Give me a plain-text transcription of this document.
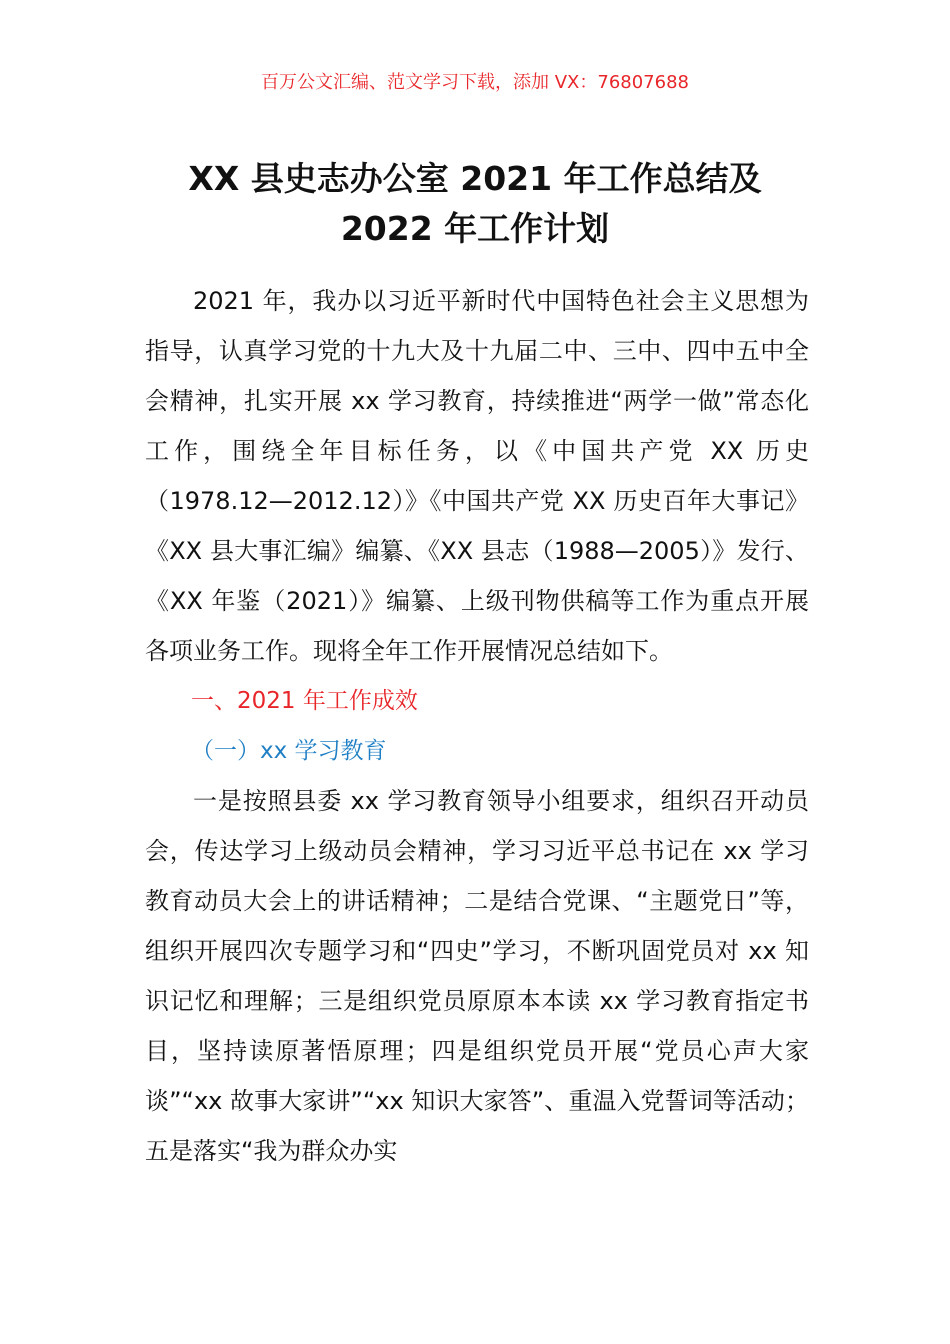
百万公文汇编、范文学习下载，添加 VX：76807688
XX 县史志办公室 2021 年工作总结及
2022 年工作计划

2021 年，我办以习近平新时代中国特色社会主义思想为指导，认真学习党的十九大及十九届二中、三中、四中五中全会精神，扎实开展 xx 学习教育，持续推进“两学一做”常态化工作，围绕全年目标任务，以《中国共产党 XX 历史（1978.12—2012.12）》《中国共产党 XX 历史百年大事记》《XX 县大事汇编》编纂、《XX 县志（1988—2005）》发行、《XX 年鉴（2021）》编纂、上级刊物供稿等工作为重点开展各项业务工作。现将全年工作开展情况总结如下。

一、2021 年工作成效

（一）xx 学习教育

一是按照县委 xx 学习教育领导小组要求，组织召开动员会，传达学习上级动员会精神，学习习近平总书记在 xx 学习教育动员大会上的讲话精神；二是结合党课、“主题党日”等，组织开展四次专题学习和“四史”学习，不断巩固党员对 xx 知识记忆和理解；三是组织党员原原本本读 xx 学习教育指定书目，坚持读原著悟原理；四是组织党员开展“党员心声大家谈”“xx 故事大家讲”“xx 知识大家答”、重温入党誓词等活动；五是落实“我为群众办实
